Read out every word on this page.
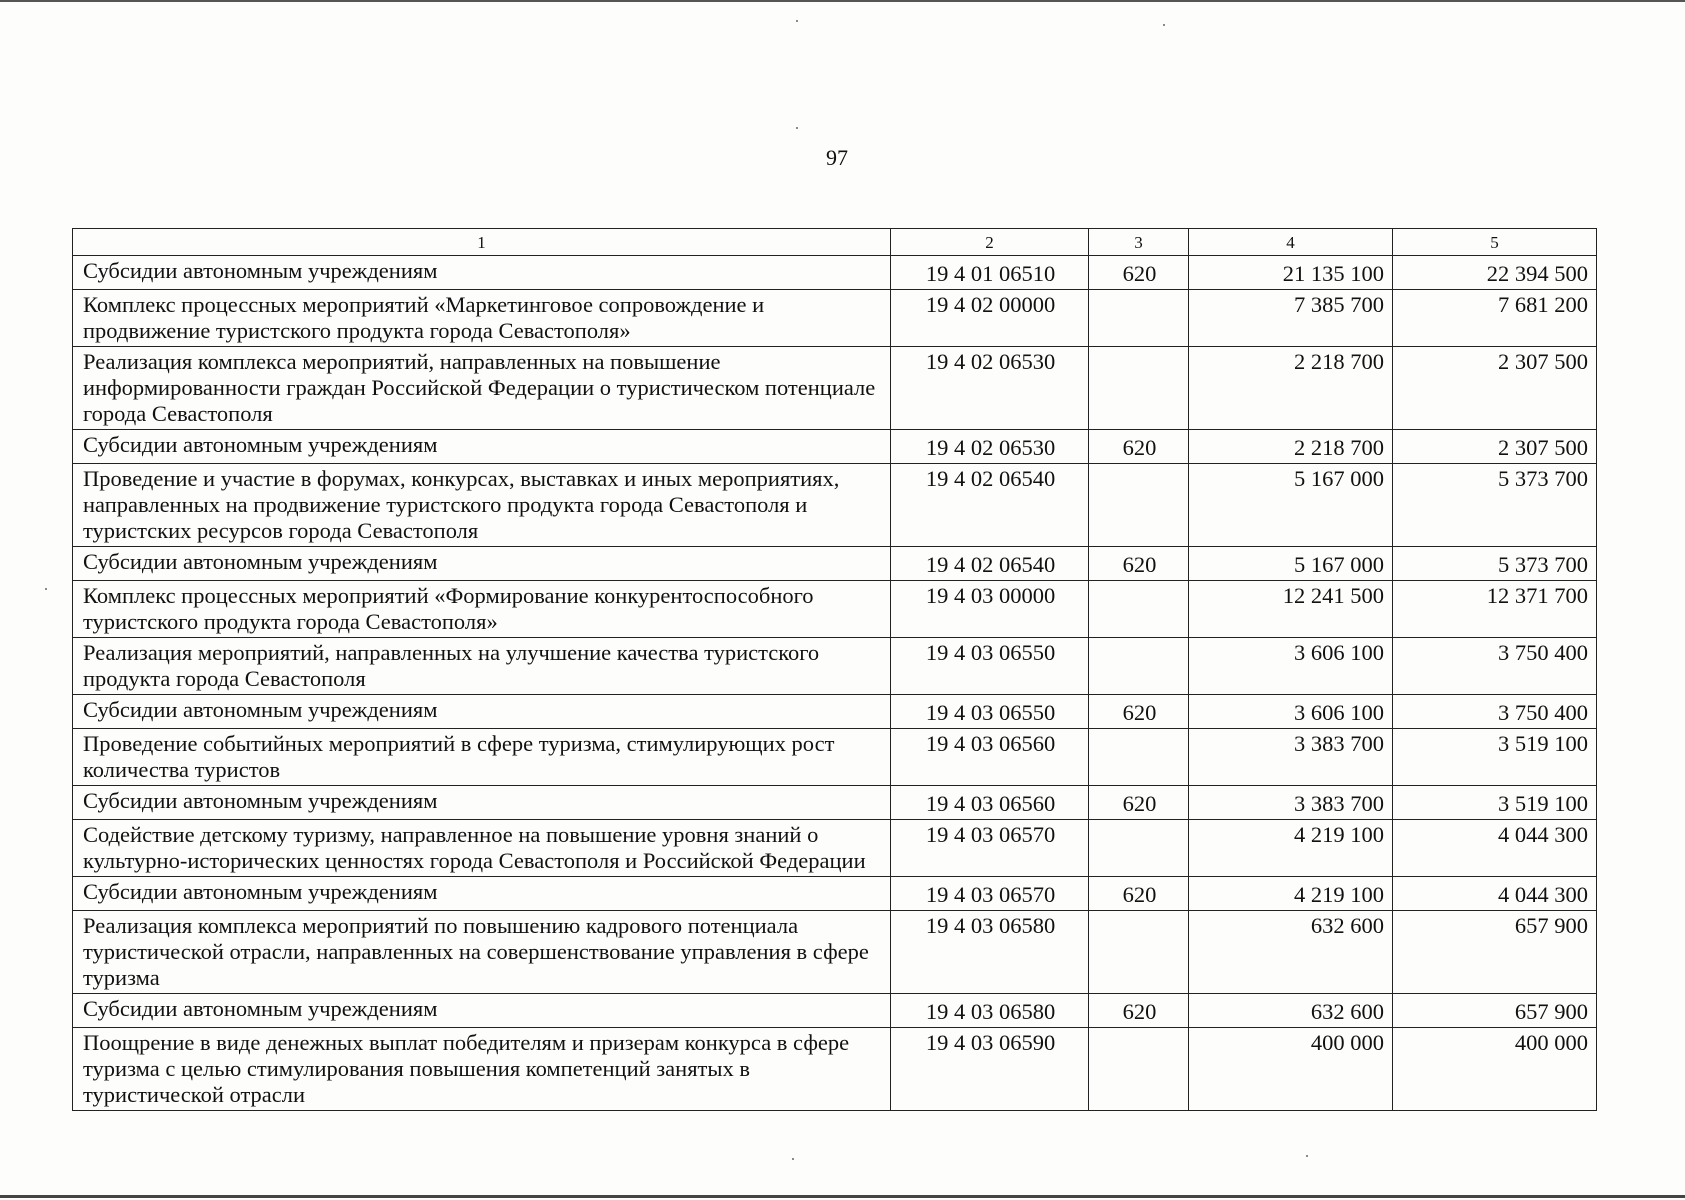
97
1	2	3	4	5
Субсидии автономным учреждениям	19 4 01 06510	620	21 135 100	22 394 500
Комплекс процессных мероприятий «Маркетинговое сопровождение и продвижение туристского продукта города Севастополя»	19 4 02 00000		7 385 700	7 681 200
Реализация комплекса мероприятий, направленных на повышение информированности граждан Российской Федерации о туристическом потенциале города Севастополя	19 4 02 06530		2 218 700	2 307 500
Субсидии автономным учреждениям	19 4 02 06530	620	2 218 700	2 307 500
Проведение и участие в форумах, конкурсах, выставках и иных мероприятиях, направленных на продвижение туристского продукта города Севастополя и туристских ресурсов города Севастополя	19 4 02 06540		5 167 000	5 373 700
Субсидии автономным учреждениям	19 4 02 06540	620	5 167 000	5 373 700
Комплекс процессных мероприятий «Формирование конкурентоспособного туристского продукта города Севастополя»	19 4 03 00000		12 241 500	12 371 700
Реализация мероприятий, направленных на улучшение качества туристского продукта города Севастополя	19 4 03 06550		3 606 100	3 750 400
Субсидии автономным учреждениям	19 4 03 06550	620	3 606 100	3 750 400
Проведение событийных мероприятий в сфере туризма, стимулирующих рост количества туристов	19 4 03 06560		3 383 700	3 519 100
Субсидии автономным учреждениям	19 4 03 06560	620	3 383 700	3 519 100
Содействие детскому туризму, направленное на повышение уровня знаний о культурно-исторических ценностях города Севастополя и Российской Федерации	19 4 03 06570		4 219 100	4 044 300
Субсидии автономным учреждениям	19 4 03 06570	620	4 219 100	4 044 300
Реализация комплекса мероприятий по повышению кадрового потенциала туристической отрасли, направленных на совершенствование управления в сфере туризма	19 4 03 06580		632 600	657 900
Субсидии автономным учреждениям	19 4 03 06580	620	632 600	657 900
Поощрение в виде денежных выплат победителям и призерам конкурса в сфере туризма с целью стимулирования повышения компетенций занятых в туристической отрасли	19 4 03 06590		400 000	400 000
